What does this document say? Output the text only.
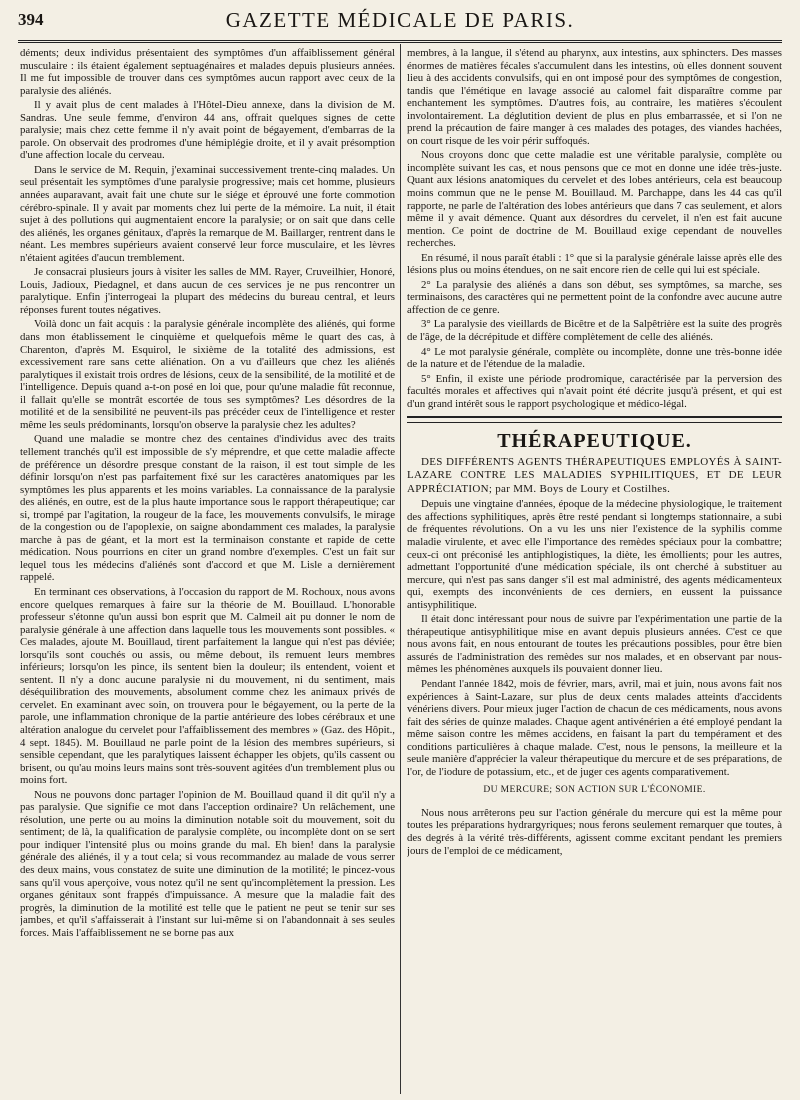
394	GAZETTE MÉDICALE DE PARIS.

déments; deux individus présentaient des symptômes d'un affaiblissement général musculaire : ils étaient également septuagénaires et malades depuis plusieurs années. Il me fut impossible de trouver dans ces symptômes aucun rapport avec ceux de la paralysie des aliénés.

Il y avait plus de cent malades à l'Hôtel-Dieu annexe, dans la division de M. Sandras. Une seule femme, d'environ 44 ans, offrait quelques signes de cette paralysie; mais chez cette femme il n'y avait point de bégayement, d'embarras de la parole. On observait des prodromes d'une hémiplégie droite, et il y avait présomption d'une affection locale du cerveau.

Dans le service de M. Requin, j'examinai successivement trente-cinq malades. Un seul présentait les symptômes d'une paralysie progressive; mais cet homme, plusieurs années auparavant, avait fait une chute sur le siége et éprouvé une forte commotion cérébro-spinale. Il y avait par moments chez lui perte de la mémoire. La nuit, il était sujet à des pollutions qui augmentaient encore la paralysie; or on sait que dans celle des aliénés, les organes génitaux, d'après la remarque de M. Baillarger, rentrent dans le néant. Les membres supérieurs avaient conservé leur force musculaire, et les lèvres n'étaient agitées d'aucun tremblement.

Je consacrai plusieurs jours à visiter les salles de MM. Rayer, Cruveilhier, Honoré, Louis, Jadioux, Piedagnel, et dans aucun de ces services je ne pus rencontrer un paralytique. Enfin j'interrogeai la plupart des médecins du bureau central, et leurs réponses furent toutes négatives.

Voilà donc un fait acquis : la paralysie générale incomplète des aliénés, qui forme dans mon établissement le cinquième et quelquefois même le quart des cas, à Charenton, d'après M. Esquirol, le sixième de la totalité des admissions, est excessivement rare sans cette aliénation. On a vu d'ailleurs que chez les aliénés paralytiques il existait trois ordres de lésions, ceux de la sensibilité, de la motilité et de l'intelligence. Depuis quand a-t-on posé en loi que, pour qu'une maladie fût reconnue, il fallait qu'elle se montrât escortée de tous ses symptômes? Les désordres de la motilité et de la sensibilité ne peuvent-ils pas précéder ceux de l'intelligence et rester même les seuls prédominants, lorsqu'on observe la paralysie chez les adultes?

Quand une maladie se montre chez des centaines d'individus avec des traits tellement tranchés qu'il est impossible de s'y méprendre, et que cette maladie affecte de préférence un désordre presque constant de la raison, il est tout simple de les définir lorsqu'on n'est pas parfaitement fixé sur les caractères anatomiques par les symptômes les plus apparents et les moins variables. La connaissance de la paralysie des aliénés, en outre, est de la plus haute importance sous le rapport thérapeutique; car si, trompé par l'agitation, la rougeur de la face, les mouvements convulsifs, le mirage de la congestion ou de l'apoplexie, on saigne abondamment ces malades, la paralysie marche à pas de géant, et la mort est la terminaison constante et rapide de cette médication. Nous pourrions en citer un grand nombre d'exemples. C'est un fait sur lequel tous les médecins d'aliénés sont d'accord et que M. Lisle a dernièrement rappelé.

En terminant ces observations, à l'occasion du rapport de M. Rochoux, nous avons encore quelques remarques à faire sur la théorie de M. Bouillaud. L'honorable professeur s'étonne qu'un aussi bon esprit que M. Calmeil ait pu donner le nom de paralysie générale à une affection dans laquelle tous les mouvements sont possibles. « Ces malades, ajoute M. Bouillaud, tirent parfaitement la langue qui n'est pas déviée; lorsqu'ils sont couchés ou assis, ou même debout, ils remuent leurs membres inférieurs; lorsqu'on les pince, ils sentent bien la douleur; ils entendent, voient et sentent. Il n'y a donc aucune paralysie ni du mouvement, ni du sentiment, mais déséquilibration des mouvements, absolument comme chez les animaux privés de cervelet. En examinant avec soin, on trouvera pour le bégayement, ou la perte de la parole, une inflammation chronique de la partie antérieure des lobes cérébraux et une altération analogue du cervelet pour l'affaiblissement des membres » (Gaz. des Hôpit., 4 sept. 1845). M. Bouillaud ne parle point de la lésion des membres supérieurs, si sensible cependant, que les paralytiques laissent échapper les objets, qu'ils cassent ou brisent, ou qu'au moins leurs mains sont très-souvent agitées d'un tremblement plus ou moins fort.

Nous ne pouvons donc partager l'opinion de M. Bouillaud quand il dit qu'il n'y a pas paralysie. Que signifie ce mot dans l'acception ordinaire? Un relâchement, une résolution, une perte ou au moins la diminution notable soit du mouvement, soit du sentiment; de là, la qualification de paralysie complète, ou incomplète dont on se sert pour indiquer l'intensité plus ou moins grande du mal. Eh bien! dans la paralysie générale des aliénés, il y a tout cela; si vous recommandez au malade de vous serrer des deux mains, vous constatez de suite une diminution de la motilité; le pincez-vous sans qu'il vous aperçoive, vous notez qu'il ne sent qu'incomplètement la pression. Les organes génitaux sont frappés d'impuissance. A mesure que la maladie fait des progrès, la diminution de la motilité est telle que le patient ne peut se tenir sur ses jambes, et qu'il s'affaisserait à l'instant sur lui-même si on l'abandonnait à ses seules forces. Mais l'affaiblissement ne se borne pas aux

membres, à la langue, il s'étend au pharynx, aux intestins, aux sphincters. Des masses énormes de matières fécales s'accumulent dans les intestins, où elles donnent souvent lieu à des accidents convulsifs, qui en ont imposé pour des symptômes de congestion, tandis que l'émétique en lavage associé au calomel fait disparaître comme par enchantement les symptômes. D'autres fois, au contraire, les matières s'écoulent involontairement. La déglutition devient de plus en plus embarrassée, et si l'on ne prend la précaution de faire manger à ces malades des potages, des viandes hachées, on court risque de les voir périr suffoqués.

Nous croyons donc que cette maladie est une véritable paralysie, complète ou incomplète suivant les cas, et nous pensons que ce mot en donne une idée très-juste. Quant aux lésions anatomiques du cervelet et des lobes antérieurs, cela est beaucoup moins commun que ne le pense M. Bouillaud. M. Parchappe, dans les 44 cas qu'il rapporte, ne parle de l'altération des lobes antérieurs que dans 7 cas seulement, et alors même il y avait démence. Quant aux désordres du cervelet, il n'en est fait aucune mention. Ce point de doctrine de M. Bouillaud exige cependant de nouvelles recherches.

En résumé, il nous paraît établi : 1° que si la paralysie générale laisse après elle des lésions plus ou moins étendues, on ne sait encore rien de celle qui lui est spéciale.

2° La paralysie des aliénés a dans son début, ses symptômes, sa marche, ses terminaisons, des caractères qui ne permettent point de la confondre avec aucune autre affection de ce genre.

3° La paralysie des vieillards de Bicêtre et de la Salpêtrière est la suite des progrès de l'âge, de la décrépitude et diffère complètement de celle des aliénés.

4° Le mot paralysie générale, complète ou incomplète, donne une très-bonne idée de la nature et de l'étendue de la maladie.

5° Enfin, il existe une période prodromique, caractérisée par la perversion des facultés morales et affectives qui n'avait point été décrite jusqu'à présent, et qui est d'un grand intérêt sous le rapport psychologique et médico-légal.

THÉRAPEUTIQUE.

DES DIFFÉRENTS AGENTS THÉRAPEUTIQUES EMPLOYÉS À SAINT-LAZARE CONTRE LES MALADIES SYPHILITIQUES, ET DE LEUR APPRÉCIATION; par MM. Boys de Loury et Costilhes.

Depuis une vingtaine d'années, époque de la médecine physiologique, le traitement des affections syphilitiques, après être resté pendant si longtemps stationnaire, a subi de fréquentes révolutions. On a vu les uns nier l'existence de la syphilis comme maladie virulente, et avec elle l'importance des remèdes spéciaux pour la combattre; ceux-ci ont préconisé les antiphlogistiques, la diète, les émollients; pour les autres, admettant l'opportunité d'une médication spéciale, ils ont cherché à substituer au mercure, qui n'est pas sans danger s'il est mal administré, des agents médicamenteux qui, exempts des inconvénients de ces derniers, en eussent la puissance antisyphilitique.

Il était donc intéressant pour nous de suivre par l'expérimentation une partie de la thérapeutique antisyphilitique mise en avant depuis plusieurs années. C'est ce que nous avons fait, en nous entourant de toutes les précautions possibles, pour être bien assurés de l'administration des remèdes sur nos malades, et en observant par nous-mêmes les phénomènes auxquels ils pouvaient donner lieu.

Pendant l'année 1842, mois de février, mars, avril, mai et juin, nous avons fait nos expériences à Saint-Lazare, sur plus de deux cents malades atteints d'accidents vénériens divers. Pour mieux juger l'action de chacun de ces médicaments, nous avons fait des séries de quinze malades. Chaque agent antivénérien a été employé pendant la même saison contre les mêmes accidens, en faisant la part du tempérament et des conditions particulières à chaque malade. C'est, nous le pensons, la meilleure et la seule manière d'apprécier la valeur thérapeutique du mercure et de ses préparations, de l'or, de l'iodure de potassium, etc., et de juger ces agents comparativement.

DU MERCURE; SON ACTION SUR L'ÉCONOMIE.

Nous nous arrêterons peu sur l'action générale du mercure qui est la même pour toutes les préparations hydrargyriques; nous ferons seulement remarquer que toutes, à des degrés à la vérité très-différents, agissent comme excitant pendant les premiers jours de l'emploi de ce médicament,
